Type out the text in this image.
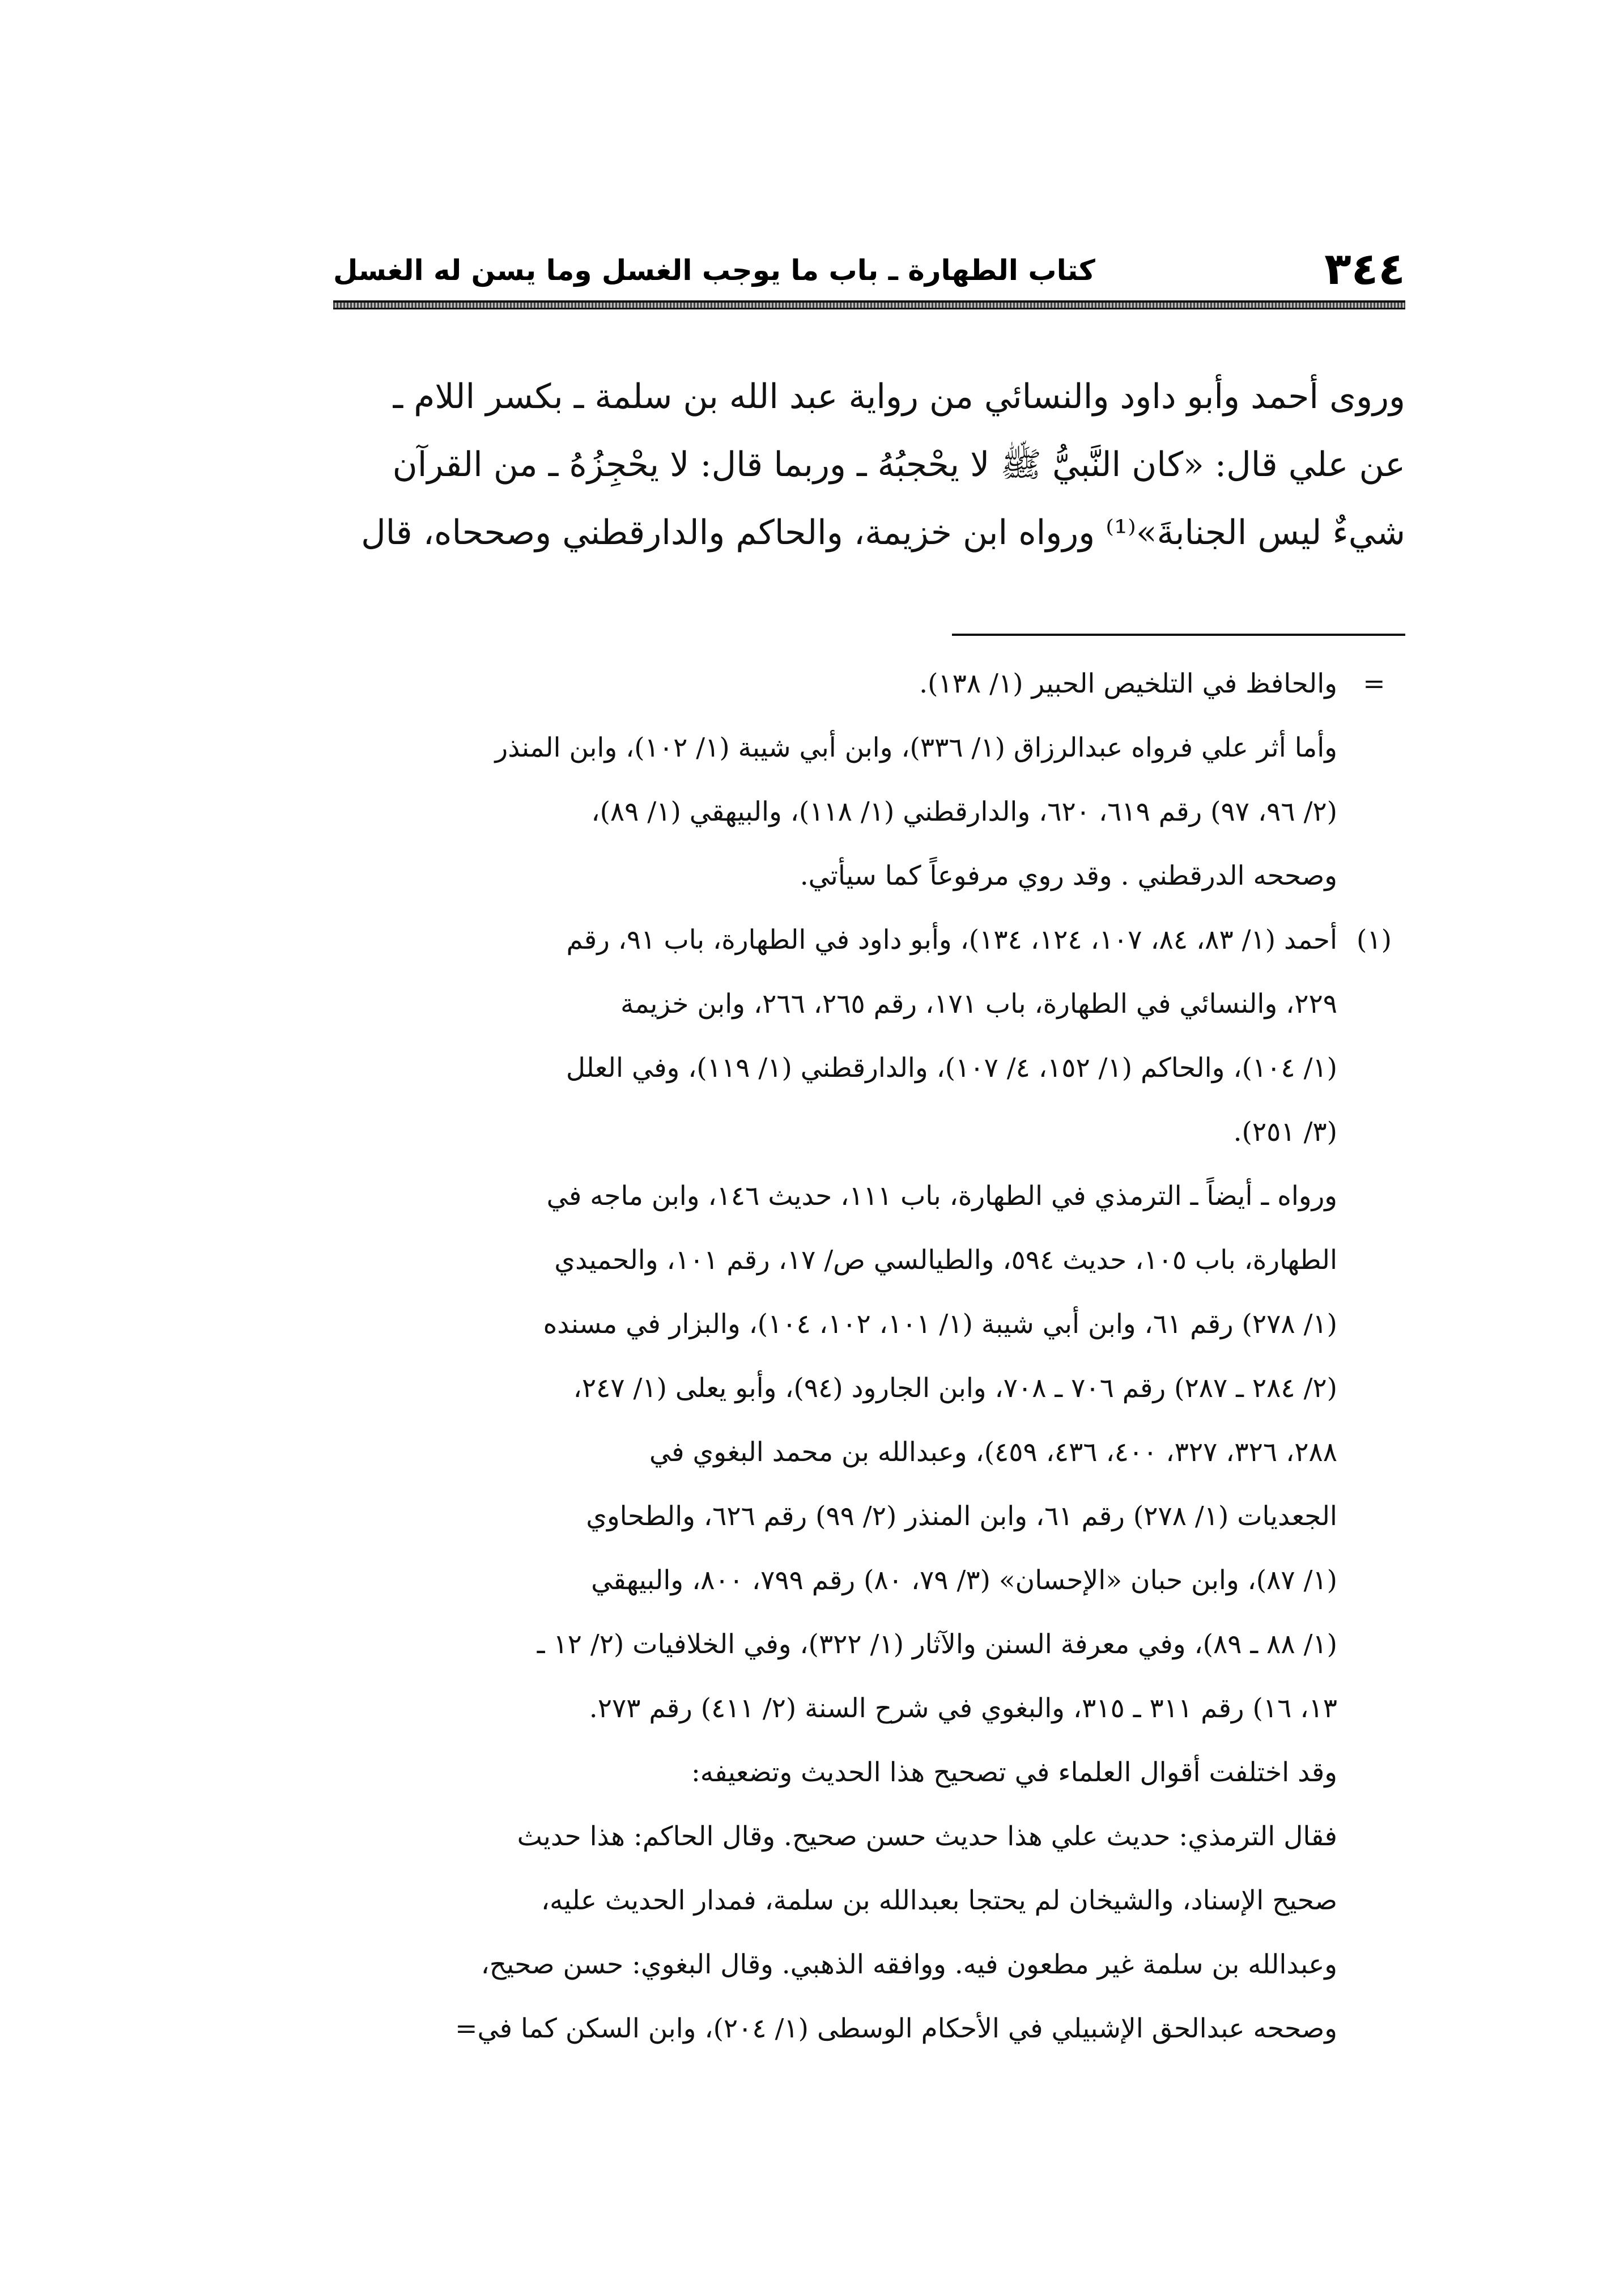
٣٤٤
كتاب الطهارة ـ باب ما يوجب الغسل وما يسن له الغسل

وروى أحمد وأبو داود والنسائي من رواية عبد الله بن سلمة ـ بكسر اللام ـ

عن علي قال: «كان النَّبيُّ ﷺ لا يحْجبُهُ ـ وربما قال: لا يحْجِزُهُ ـ من القرآن

شيءٌ ليس الجنابةَ»⁽¹⁾ ورواه ابن خزيمة، والحاكم والدارقطني وصححاه، قال

=

والحافظ في التلخيص الحبير (١/ ١٣٨).

وأما أثر علي فرواه عبدالرزاق (١/ ٣٣٦)، وابن أبي شيبة (١/ ١٠٢)، وابن المنذر

(٢/ ٩٦، ٩٧) رقم ٦١٩، ٦٢٠، والدارقطني (١/ ١١٨)، والبيهقي (١/ ٨٩)،

وصححه الدرقطني . وقد روي مرفوعاً كما سيأتي.

(١)

أحمد (١/ ٨٣، ٨٤، ١٠٧، ١٢٤، ١٣٤)، وأبو داود في الطهارة، باب ٩١، رقم

٢٢٩، والنسائي في الطهارة، باب ١٧١، رقم ٢٦٥، ٢٦٦، وابن خزيمة

(١/ ١٠٤)، والحاكم (١/ ١٥٢، ٤/ ١٠٧)، والدارقطني (١/ ١١٩)، وفي العلل

(٣/ ٢٥١).

ورواه ـ أيضاً ـ الترمذي في الطهارة، باب ١١١، حديث ١٤٦، وابن ماجه في

الطهارة، باب ١٠٥، حديث ٥٩٤، والطيالسي ص/ ١٧، رقم ١٠١، والحميدي

(١/ ٢٧٨) رقم ٦١، وابن أبي شيبة (١/ ١٠١، ١٠٢، ١٠٤)، والبزار في مسنده

(٢/ ٢٨٤ ـ ٢٨٧) رقم ٧٠٦ ـ ٧٠٨، وابن الجارود (٩٤)، وأبو يعلى (١/ ٢٤٧،

٢٨٨، ٣٢٦، ٣٢٧، ٤٠٠، ٤٣٦، ٤٥٩)، وعبدالله بن محمد البغوي في

الجعديات (١/ ٢٧٨) رقم ٦١، وابن المنذر (٢/ ٩٩) رقم ٦٢٦، والطحاوي

(١/ ٨٧)، وابن حبان «الإحسان» (٣/ ٧٩، ٨٠) رقم ٧٩٩، ٨٠٠، والبيهقي

(١/ ٨٨ ـ ٨٩)، وفي معرفة السنن والآثار (١/ ٣٢٢)، وفي الخلافيات (٢/ ١٢ ـ

١٣، ١٦) رقم ٣١١ ـ ٣١٥، والبغوي في شرح السنة (٢/ ٤١١) رقم ٢٧٣.

وقد اختلفت أقوال العلماء في تصحيح هذا الحديث وتضعيفه:

فقال الترمذي: حديث علي هذا حديث حسن صحيح. وقال الحاكم: هذا حديث

صحيح الإسناد، والشيخان لم يحتجا بعبدالله بن سلمة، فمدار الحديث عليه،

وعبدالله بن سلمة غير مطعون فيه. ووافقه الذهبي. وقال البغوي: حسن صحيح،

وصححه عبدالحق الإشبيلي في الأحكام الوسطى (١/ ٢٠٤)، وابن السكن كما في=
